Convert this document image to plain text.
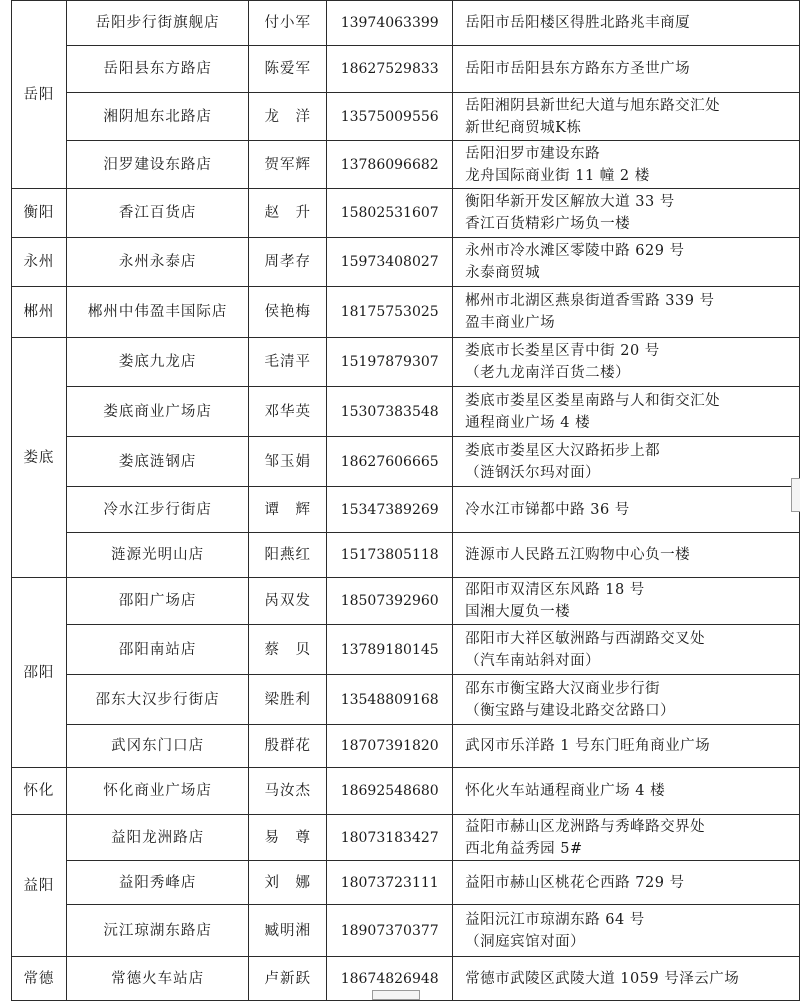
岳阳	岳阳步行街旗舰店	付小军	13974063399	岳阳市岳阳楼区得胜北路兆丰商厦

	岳阳县东方路店	陈爱军	18627529833	岳阳市岳阳县东方路东方圣世广场

	湘阴旭东北路店	龙　洋	13575009556	岳阳湘阴县新世纪大道与旭东路交汇处
新世纪商贸城K栋

	汨罗建设东路店	贺军辉	13786096682	岳阳汨罗市建设东路
龙舟国际商业街 11 幢 2 楼

衡阳	香江百货店	赵　升	15802531607	衡阳华新开发区解放大道 33 号
香江百货精彩广场负一楼

永州	永州永泰店	周孝存	15973408027	永州市冷水滩区零陵中路 629 号
永泰商贸城

郴州	郴州中伟盈丰国际店	侯艳梅	18175753025	郴州市北湖区燕泉街道香雪路 339 号
盈丰商业广场

娄底	娄底九龙店	毛清平	15197879307	娄底市长娄星区青中街 20 号
（老九龙南洋百货二楼）

	娄底商业广场店	邓华英	15307383548	娄底市娄星区娄星南路与人和街交汇处
通程商业广场 4 楼

	娄底涟钢店	邹玉娟	18627606665	娄底市娄星区大汉路拓步上都
（涟钢沃尔玛对面）

	冷水江步行街店	谭　辉	15347389269	冷水江市锑都中路 36 号

	涟源光明山店	阳燕红	15173805118	涟源市人民路五江购物中心负一楼

邵阳	邵阳广场店	呙双发	18507392960	邵阳市双清区东风路 18 号
国湘大厦负一楼

	邵阳南站店	蔡　贝	13789180145	邵阳市大祥区敏洲路与西湖路交叉处
（汽车南站斜对面）

	邵东大汉步行街店	梁胜利	13548809168	邵东市衡宝路大汉商业步行街
（衡宝路与建设北路交岔路口）

	武冈东门口店	殷群花	18707391820	武冈市乐洋路 1 号东门旺角商业广场

怀化	怀化商业广场店	马汝杰	18692548680	怀化火车站通程商业广场 4 楼

益阳	益阳龙洲路店	易　尊	18073183427	益阳市赫山区龙洲路与秀峰路交界处
西北角益秀园 5#

	益阳秀峰店	刘　娜	18073723111	益阳市赫山区桃花仑西路 729 号

	沅江琼湖东路店	臧明湘	18907370377	益阳沅江市琼湖东路 64 号
（洞庭宾馆对面）

常德	常德火车站店	卢新跃	18674826948	常德市武陵区武陵大道 1059 号泽云广场
